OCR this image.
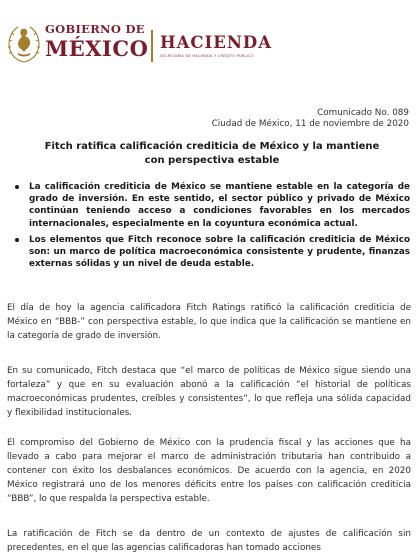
GOBIERNO DE
MÉXICO HACIENDA
SECRETARÍA DE HACIENDA Y CRÉDITO PÚBLICO
Comunicado No. 089
Ciudad de México, 11 de noviembre de 2020
Fitch ratifica calificación crediticia de México y la mantiene con perspectiva estable
La calificación crediticia de México se mantiene estable en la categoría de grado de inversión. En este sentido, el sector público y privado de México continúan teniendo acceso a condiciones favorables en los mercados internacionales, especialmente en la coyuntura económica actual.
Los elementos que Fitch reconoce sobre la calificación crediticia de México son: un marco de política macroeconómica consistente y prudente, finanzas externas sólidas y un nivel de deuda estable.
El día de hoy la agencia calificadora Fitch Ratings ratificó la calificación crediticia de México en “BBB-” con perspectiva estable, lo que indica que la calificación se mantiene en la categoría de grado de inversión.
En su comunicado, Fitch destaca que “el marco de políticas de México sigue siendo una fortaleza” y que en su evaluación abonó a la calificación “el historial de políticas macroeconómicas prudentes, creíbles y consistentes”, lo que refleja una sólida capacidad y flexibilidad institucionales.
El compromiso del Gobierno de México con la prudencia fiscal y las acciones que ha llevado a cabo para mejorar el marco de administración tributaria han contribuido a contener con éxito los desbalances económicos. De acuerdo con la agencia, en 2020 México registrará uno de los menores déficits entre los países con calificación crediticia “BBB”, lo que respalda la perspectiva estable.
La ratificación de Fitch se da dentro de un contexto de ajustes de calificación sin precedentes, en el que las agencias calificadoras han tomado acciones
